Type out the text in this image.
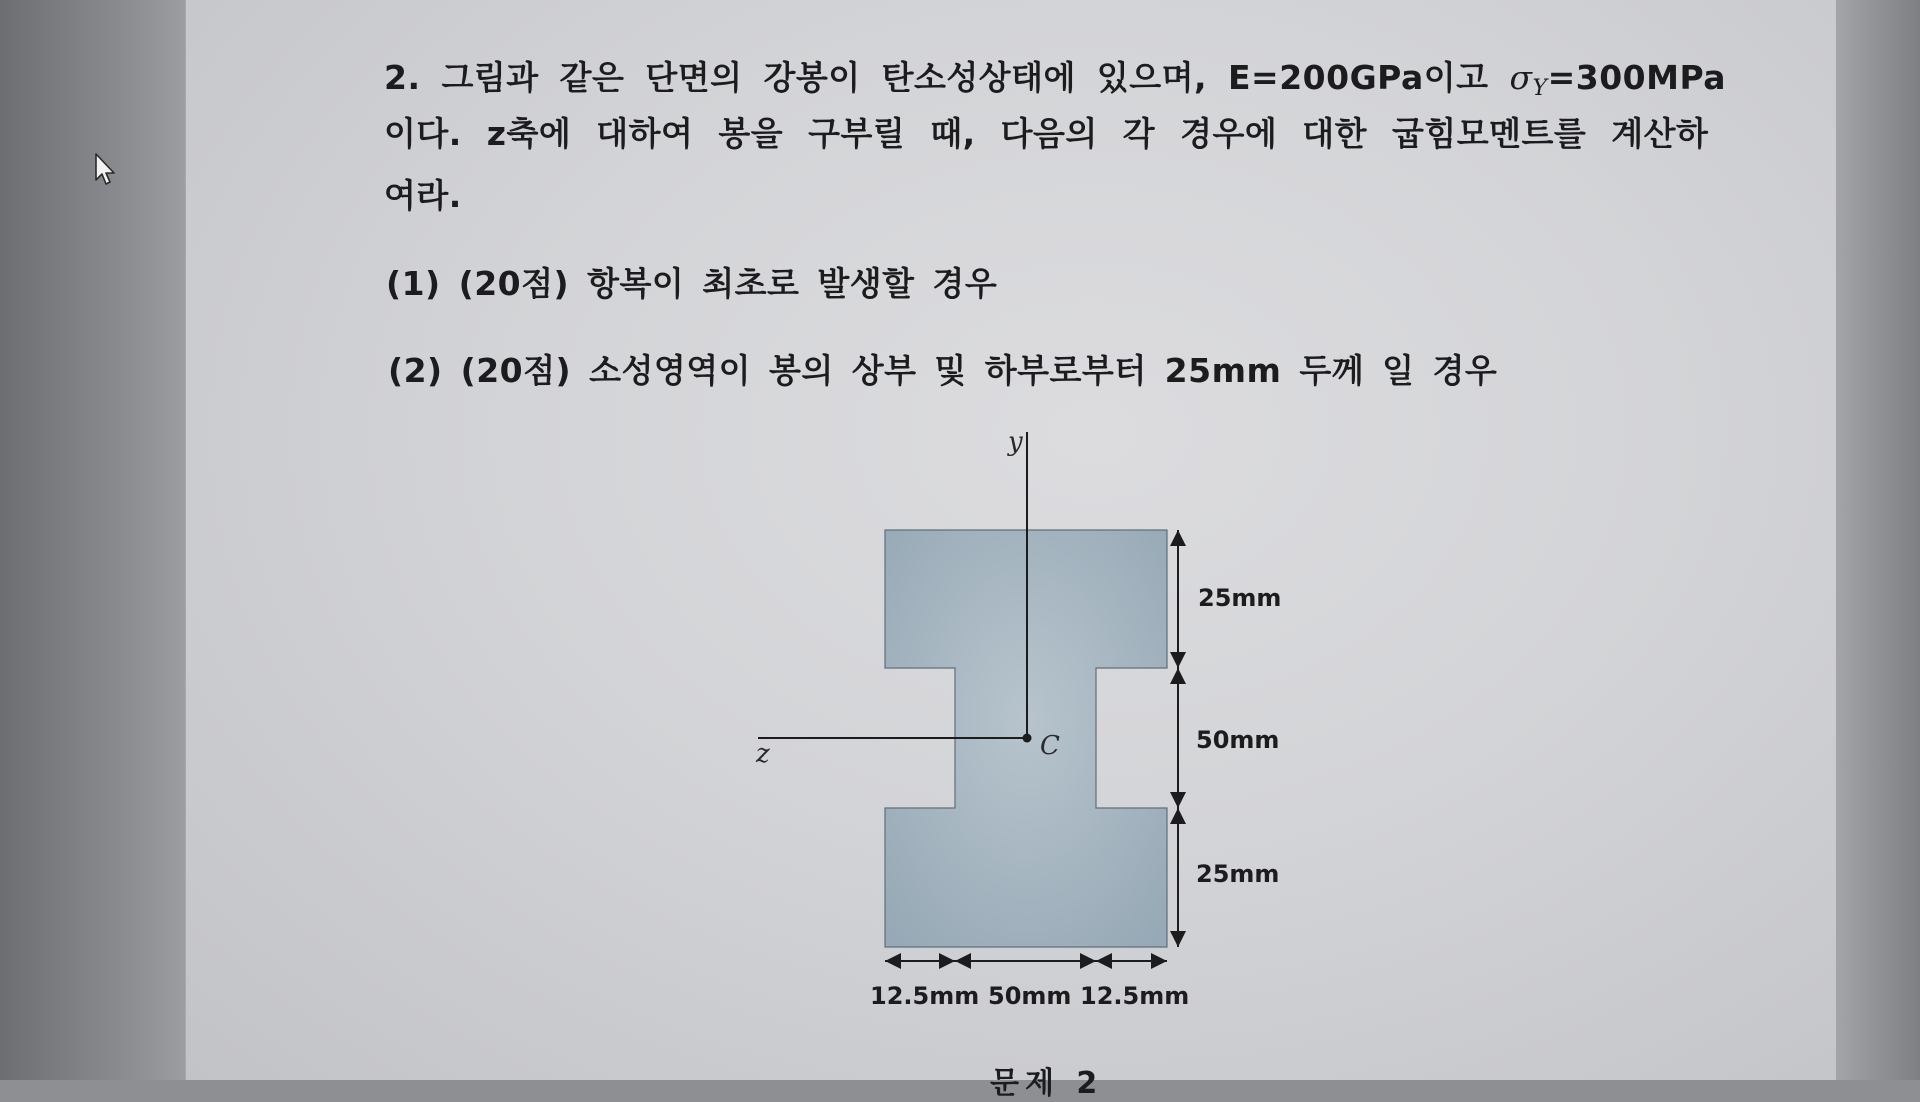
2. 그림과 같은 단면의 강봉이 탄소성상태에 있으며, E=200GPa이고 $\sigma_Y=300MPa$
이다. z축에 대하여 봉을 구부릴 때, 다음의 각 경우에 대한 굽힘모멘트를 계산하
여라.
(1) (20점) 항복이 최초로 발생할 경우
(2) (20점) 소성영역이 봉의 상부 및 하부로부터 25mm 두께 일 경우
y
z	C
25mm
50mm
25mm
12.5mm 50mm 12.5mm
문제 2
